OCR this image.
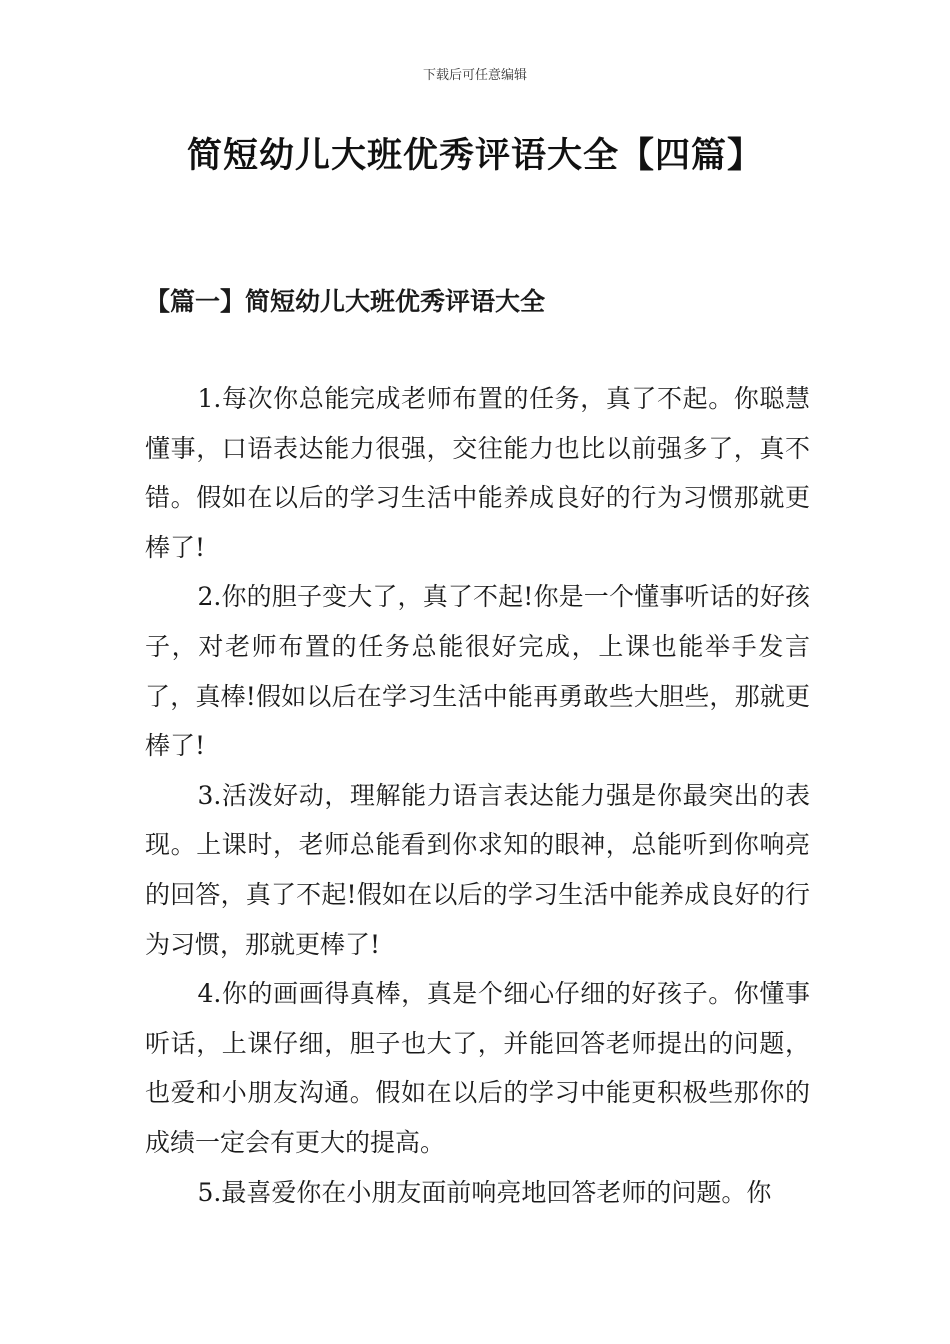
下载后可任意编辑
简短幼儿大班优秀评语大全【四篇】
【篇一】简短幼儿大班优秀评语大全

1.每次你总能完成老师布置的任务，真了不起。你聪慧懂事，口语表达能力很强，交往能力也比以前强多了，真不错。假如在以后的学习生活中能养成良好的行为习惯那就更棒了!

2.你的胆子变大了，真了不起!你是一个懂事听话的好孩子，对老师布置的任务总能很好完成，上课也能举手发言了，真棒!假如以后在学习生活中能再勇敢些大胆些，那就更棒了!

3.活泼好动，理解能力语言表达能力强是你最突出的表现。上课时，老师总能看到你求知的眼神，总能听到你响亮的回答，真了不起!假如在以后的学习生活中能养成良好的行为习惯，那就更棒了!

4.你的画画得真棒，真是个细心仔细的好孩子。你懂事听话，上课仔细，胆子也大了，并能回答老师提出的问题，也爱和小朋友沟通。假如在以后的学习中能更积极些那你的成绩一定会有更大的提高。

5.最喜爱你在小朋友面前响亮地回答老师的问题。你
